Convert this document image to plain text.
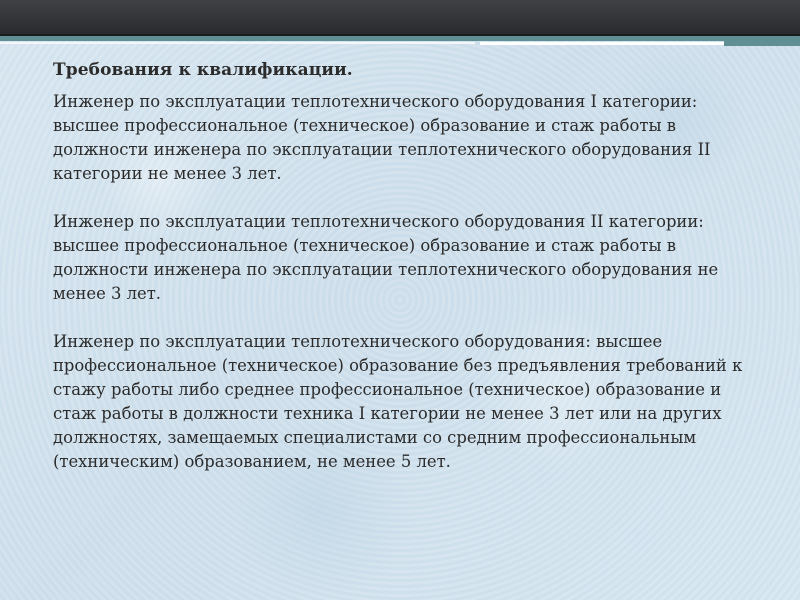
Требования к квалификации.

Инженер по эксплуатации теплотехнического оборудования I категории: высшее профессиональное (техническое) образование и стаж работы в должности инженера по эксплуатации теплотехнического оборудования II категории не менее 3 лет.

Инженер по эксплуатации теплотехнического оборудования II категории: высшее профессиональное (техническое) образование и стаж работы в должности инженера по эксплуатации теплотехнического оборудования не менее 3 лет.

Инженер по эксплуатации теплотехнического оборудования: высшее профессиональное (техническое) образование без предъявления требований к стажу работы либо среднее профессиональное (техническое) образование и стаж работы в должности техника I категории не менее 3 лет или на других должностях, замещаемых специалистами со средним профессиональным (техническим) образованием, не менее 5 лет.
